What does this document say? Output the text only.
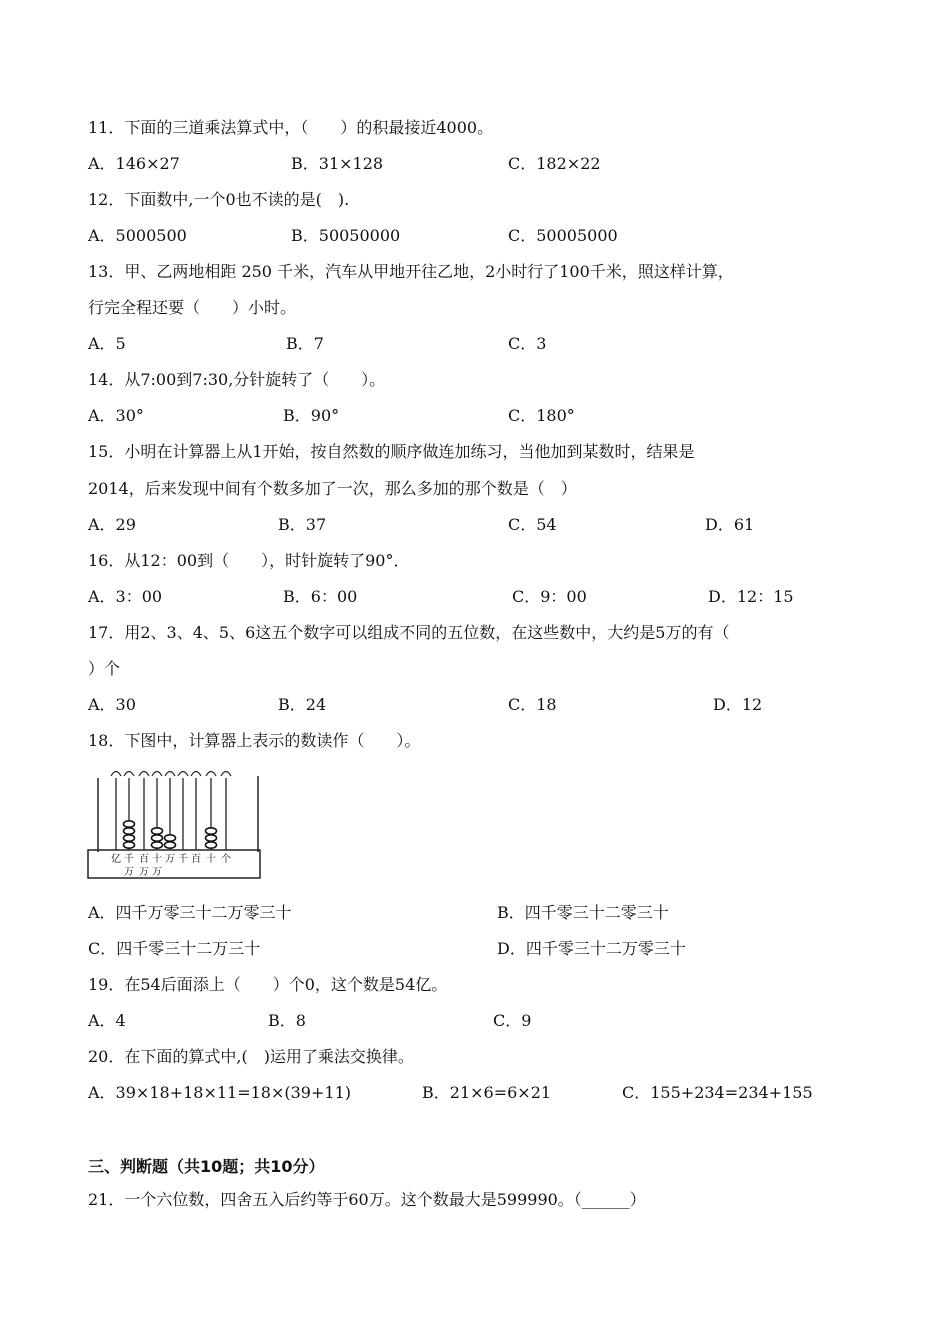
11．下面的三道乘法算式中，（　　）的积最接近4000。
A．146×27	B．31×128	C．182×22
12．下面数中,一个0也不读的是(　).
A．5000500	B．50050000	C．50005000
13．甲、乙两地相距 250 千米，汽车从甲地开往乙地，2小时行了100千米，照这样计算，
行完全程还要（　　）小时。
A．5	B．7	C．3
14．从7:00到7:30,分针旋转了（　　）。
A．30°	B．90°	C．180°
15．小明在计算器上从1开始，按自然数的顺序做连加练习，当他加到某数时，结果是
2014，后来发现中间有个数多加了一次，那么多加的那个数是（　）
A．29	B．37	C．54	D．61
16．从12：00到（　　），时针旋转了90°．
A．3：00	B．6：00	C．9：00	D．12：15
17．用2、3、4、5、6这五个数字可以组成不同的五位数，在这些数中，大约是5万的有（
）个
A．30	B．24	C．18	D．12
18．下图中，计算器上表示的数读作（　　）。
亿 千 百 十 万 千 百 十 个
万 万 万
A．四千万零三十二万零三十	B．四千零三十二零三十
C．四千零三十二万三十	D．四千零三十二万零三十
19．在54后面添上（　　）个0，这个数是54亿。
A．4	B．8	C．9
20．在下面的算式中,(　)运用了乘法交换律。
A．39×18+18×11=18×(39+11)	B．21×6=6×21	C．155+234=234+155
三、判断题（共10题；共10分）
21．一个六位数，四舍五入后约等于60万。这个数最大是599990。（______）
